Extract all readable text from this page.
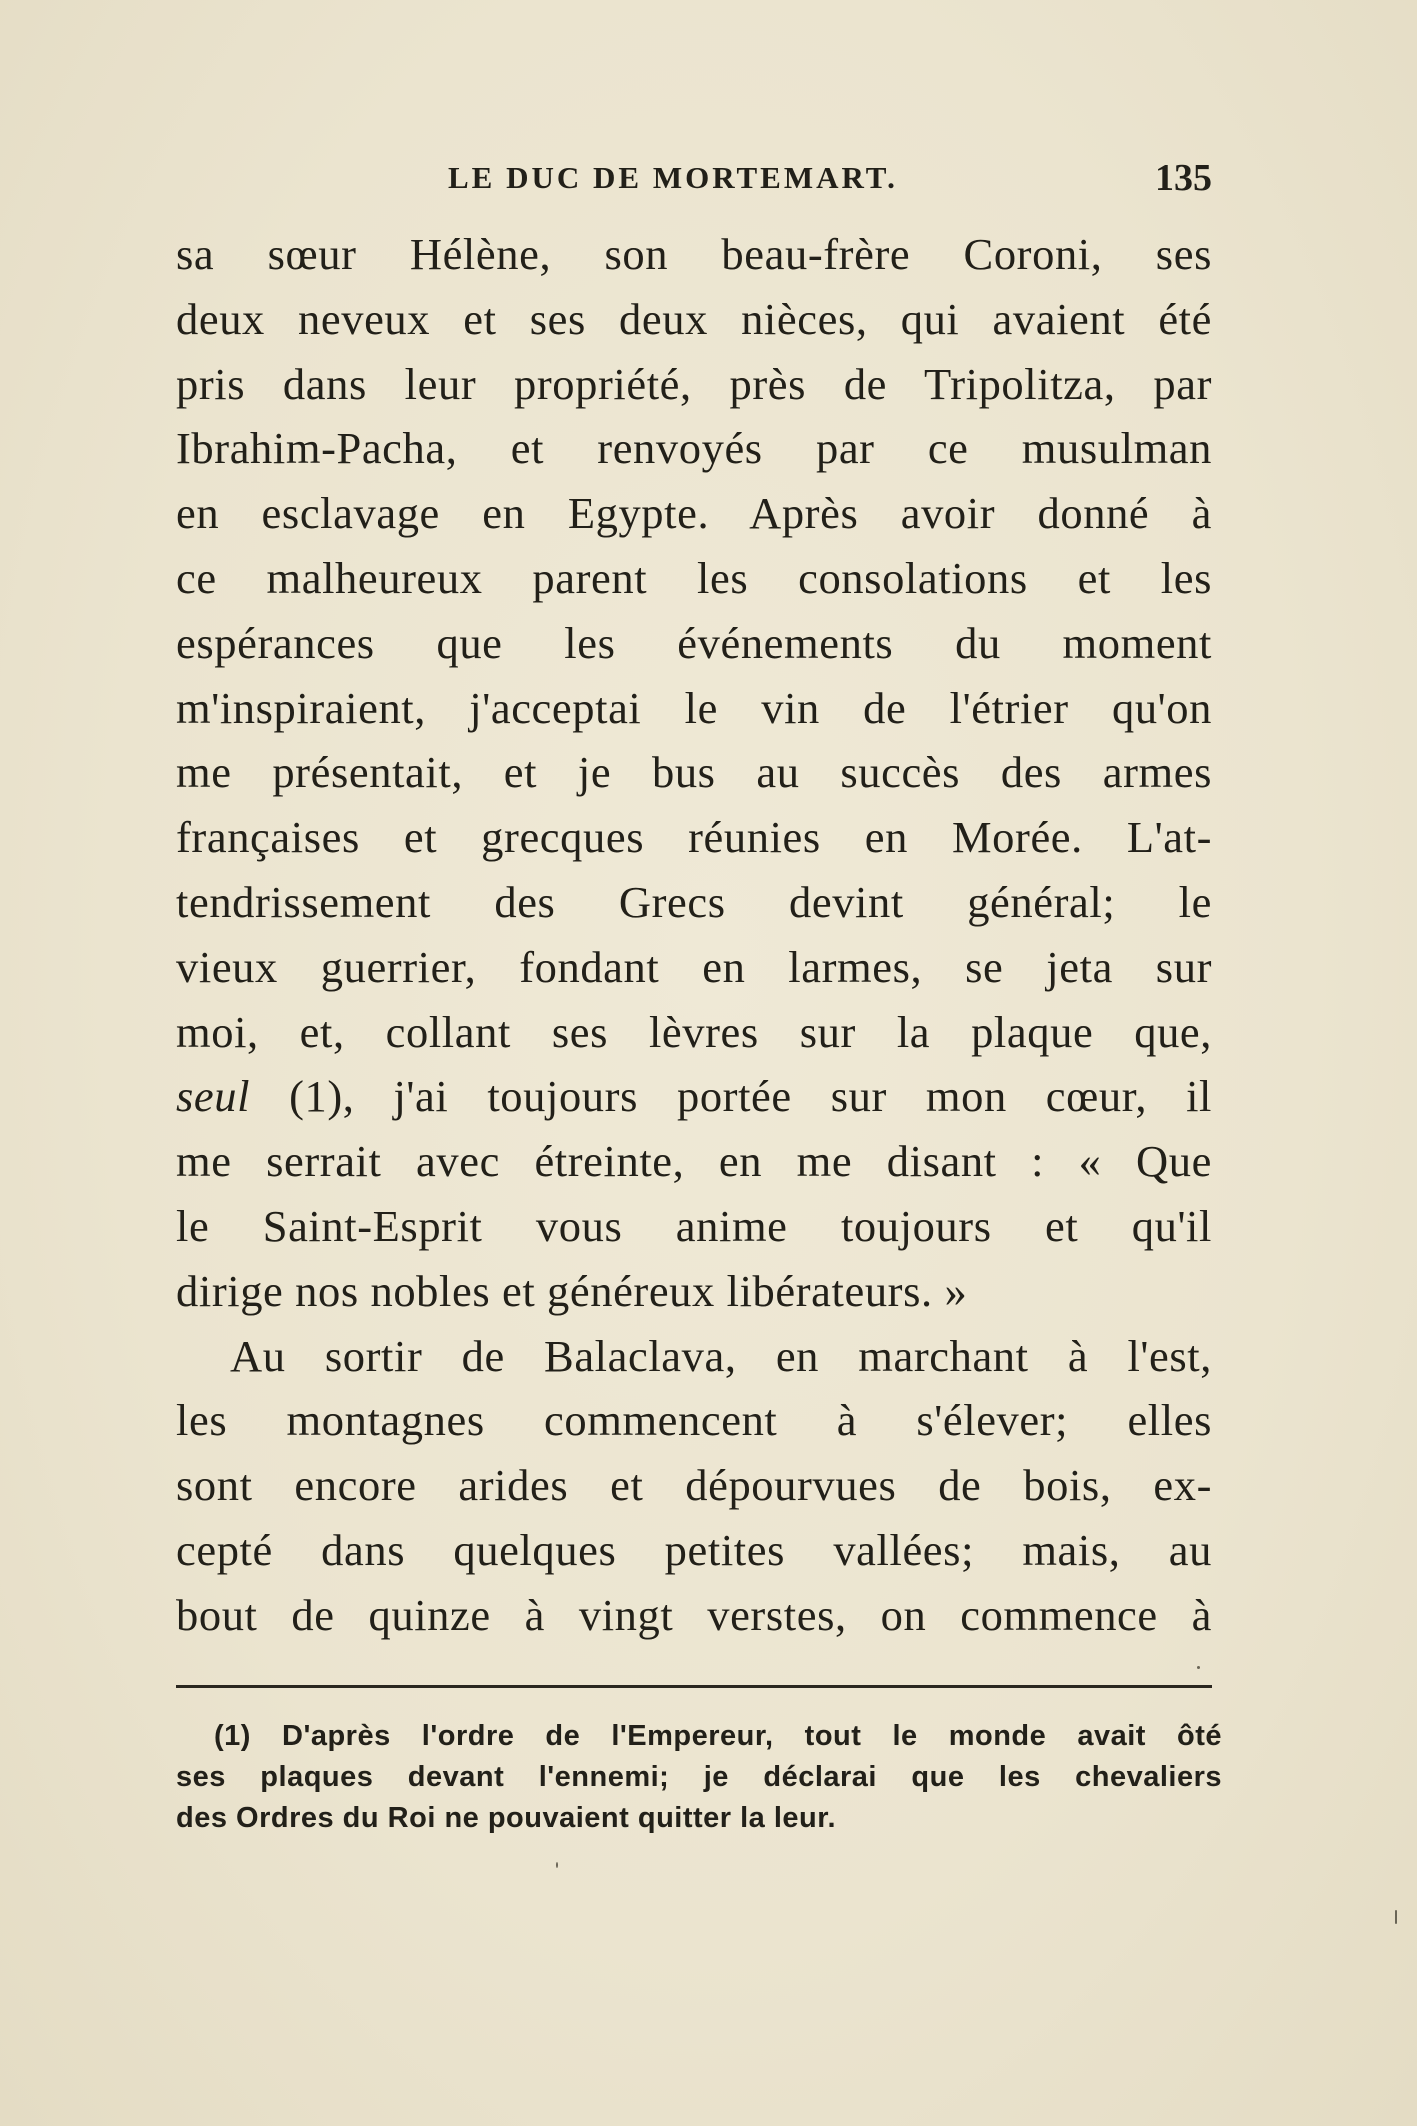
LE DUC DE MORTEMART.	135
sa sœur Hélène, son beau-frère Coroni, ses
deux neveux et ses deux nièces, qui avaient été
pris dans leur propriété, près de Tripolitza, par
Ibrahim-Pacha, et renvoyés par ce musulman
en esclavage en Egypte. Après avoir donné à
ce malheureux parent les consolations et les
espérances que les événements du moment
m'inspiraient, j'acceptai le vin de l'étrier qu'on
me présentait, et je bus au succès des armes
françaises et grecques réunies en Morée. L'at-
tendrissement des Grecs devint général; le
vieux guerrier, fondant en larmes, se jeta sur
moi, et, collant ses lèvres sur la plaque que,
seul (1), j'ai toujours portée sur mon cœur, il
me serrait avec étreinte, en me disant : « Que
le Saint-Esprit vous anime toujours et qu'il
dirige nos nobles et généreux libérateurs. »
Au sortir de Balaclava, en marchant à l'est,
les montagnes commencent à s'élever; elles
sont encore arides et dépourvues de bois, ex-
cepté dans quelques petites vallées; mais, au
bout de quinze à vingt verstes, on commence à
(1) D'après l'ordre de l'Empereur, tout le monde avait ôté
ses plaques devant l'ennemi; je déclarai que les chevaliers
des Ordres du Roi ne pouvaient quitter la leur.
